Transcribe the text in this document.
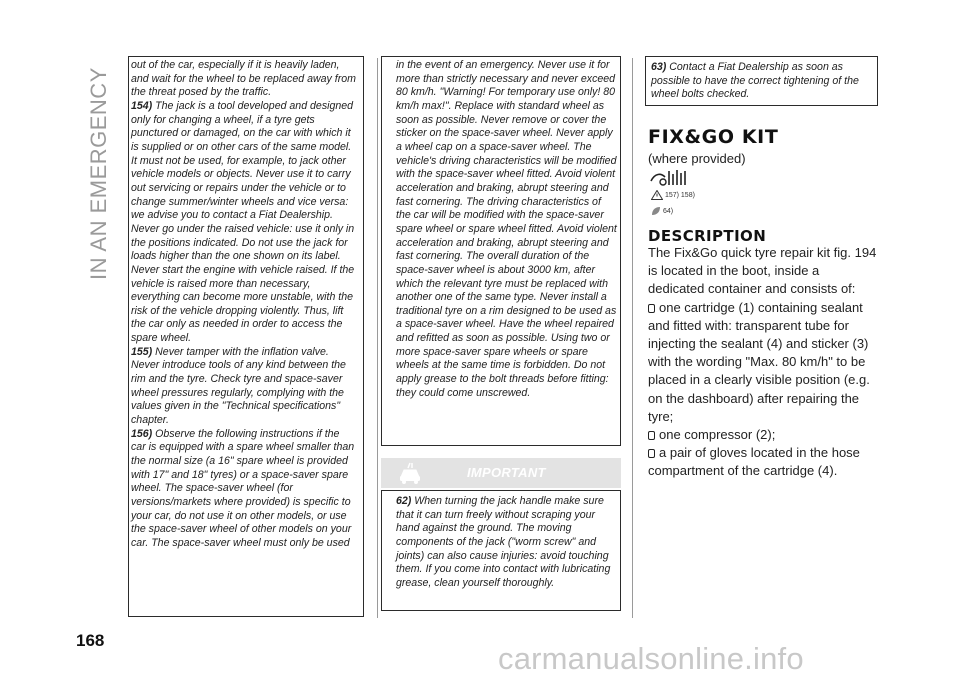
IN AN EMERGENCY

out of the car, especially if it is heavily laden, and wait for the wheel to be replaced away from the threat posed by the traffic.

154) The jack is a tool developed and designed only for changing a wheel, if a tyre gets punctured or damaged, on the car with which it is supplied or on other cars of the same model. It must not be used, for example, to jack other vehicle models or objects. Never use it to carry out servicing or repairs under the vehicle or to change summer/winter wheels and vice versa: we advise you to contact a Fiat Dealership. Never go under the raised vehicle: use it only in the positions indicated. Do not use the jack for loads higher than the one shown on its label. Never start the engine with vehicle raised. If the vehicle is raised more than necessary, everything can become more unstable, with the risk of the vehicle dropping violently. Thus, lift the car only as needed in order to access the spare wheel.

155) Never tamper with the inflation valve. Never introduce tools of any kind between the rim and the tyre. Check tyre and space-saver wheel pressures regularly, complying with the values given in the "Technical specifications" chapter.

156) Observe the following instructions if the car is equipped with a spare wheel smaller than the normal size (a 16" spare wheel is provided with 17" and 18" tyres) or a space-saver spare wheel. The space-saver wheel (for versions/markets where provided) is specific to your car, do not use it on other models, or use the space-saver wheel of other models on your car. The space-saver wheel must only be used

in the event of an emergency. Never use it for more than strictly necessary and never exceed 80 km/h. "Warning! For temporary use only! 80 km/h max!". Replace with standard wheel as soon as possible. Never remove or cover the sticker on the space-saver wheel. Never apply a wheel cap on a space-saver wheel. The vehicle's driving characteristics will be modified with the space-saver wheel fitted. Avoid violent acceleration and braking, abrupt steering and fast cornering. The driving characteristics of the car will be modified with the space-saver spare wheel or spare wheel fitted. Avoid violent acceleration and braking, abrupt steering and fast cornering. The overall duration of the space-saver wheel is about 3000 km, after which the relevant tyre must be replaced with another one of the same type. Never install a traditional tyre on a rim designed to be used as a space-saver wheel. Have the wheel repaired and refitted as soon as possible. Using two or more space-saver spare wheels or spare wheels at the same time is forbidden. Do not apply grease to the bolt threads before fitting: they could come unscrewed.

IMPORTANT

62) When turning the jack handle make sure that it can turn freely without scraping your hand against the ground. The moving components of the jack ("worm screw" and joints) can also cause injuries: avoid touching them. If you come into contact with lubricating grease, clean yourself thoroughly.

63) Contact a Fiat Dealership as soon as possible to have the correct tightening of the wheel bolts checked.

FIX&GO KIT
(where provided)
157) 158)
64)
DESCRIPTION

The Fix&Go quick tyre repair kit fig. 194 is located in the boot, inside a dedicated container and consists of:

one cartridge (1) containing sealant and fitted with: transparent tube for injecting the sealant (4) and sticker (3) with the wording "Max. 80 km/h" to be placed in a clearly visible position (e.g. on the dashboard) after repairing the tyre;

one compressor (2);

a pair of gloves located in the hose compartment of the cartridge (4).

168
carmanualsonline.info
